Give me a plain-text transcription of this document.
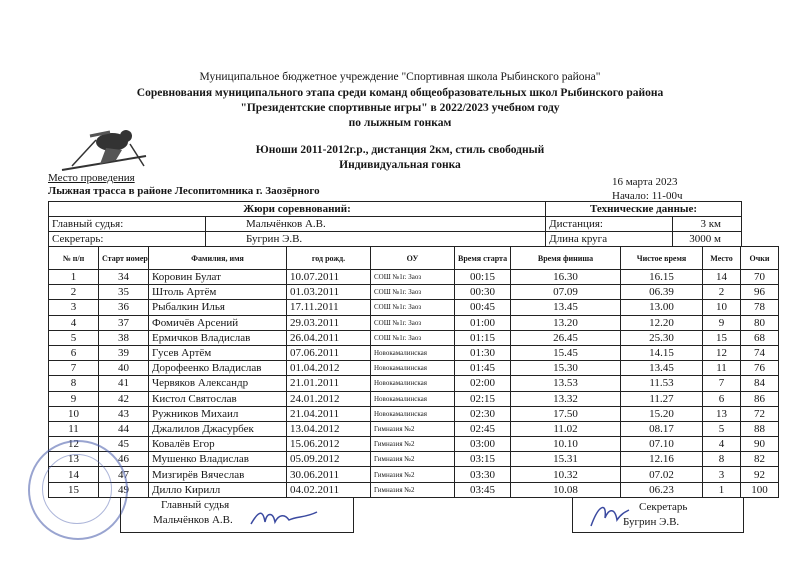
Муниципальное бюджетное учреждение "Спортивная школа Рыбинского района"
Соревнования муниципального этапа среди команд общеобразовательных школ Рыбинского района
"Президентские спортивные игры" в 2022/2023 учебном году
по лыжным гонкам
Юноши 2011-2012г.р., дистанция 2км, стиль свободный
Индивидуальная гонка
Место проведения
Лыжная трасса в районе Лесопитомника г. Заозёрного
16 марта 2023
Начало: 11-00ч
Жюри соревнований:		Технические данные:	
Главный судья:	Мальчёнков А.В.	Дистанция:	3 км
Секретарь:	Бугрин Э.В.	Длина круга	3000 м
№ п/п	Старт номер	Фамилия, имя	год рожд.	ОУ	Время старта	Время финиша	Чистое время	Место	Очки
1	34	Коровин Булат	10.07.2011	СОШ №1г. Заоз	00:15	16.30	16.15	14	70
2	35	Штоль Артём	01.03.2011	СОШ №1г. Заоз	00:30	07.09	06.39	2	96
3	36	Рыбалкин Илья	17.11.2011	СОШ №1г. Заоз	00:45	13.45	13.00	10	78
4	37	Фомичёв Арсений	29.03.2011	СОШ №1г. Заоз	01:00	13.20	12.20	9	80
5	38	Ермичков Владислав	26.04.2011	СОШ №1г. Заоз	01:15	26.45	25.30	15	68
6	39	Гусев Артём	07.06.2011	Новокамалинская	01:30	15.45	14.15	12	74
7	40	Дорофеенко Владислав	01.04.2012	Новокамалинская	01:45	15.30	13.45	11	76
8	41	Червяков Александр	21.01.2011	Новокамалинская	02:00	13.53	11.53	7	84
9	42	Кистол Святослав	24.01.2012	Новокамалинская	02:15	13.32	11.27	6	86
10	43	Ружников Михаил	21.04.2011	Новокамалинская	02:30	17.50	15.20	13	72
11	44	Джалилов Джасурбек	13.04.2012	Гимназия №2	02:45	11.02	08.17	5	88
12	45	Ковалёв Егор	15.06.2012	Гимназия №2	03:00	10.10	07.10	4	90
13	46	Мушенко Владислав	05.09.2012	Гимназия №2	03:15	15.31	12.16	8	82
14	47	Мизгирёв Вячеслав	30.06.2011	Гимназия №2	03:30	10.32	07.02	3	92
15	49	Дилло Кирилл	04.02.2011	Гимназия №2	03:45	10.08	06.23	1	100
Главный судья
Мальчёнков А.В.
Секретарь
Бугрин Э.В.
